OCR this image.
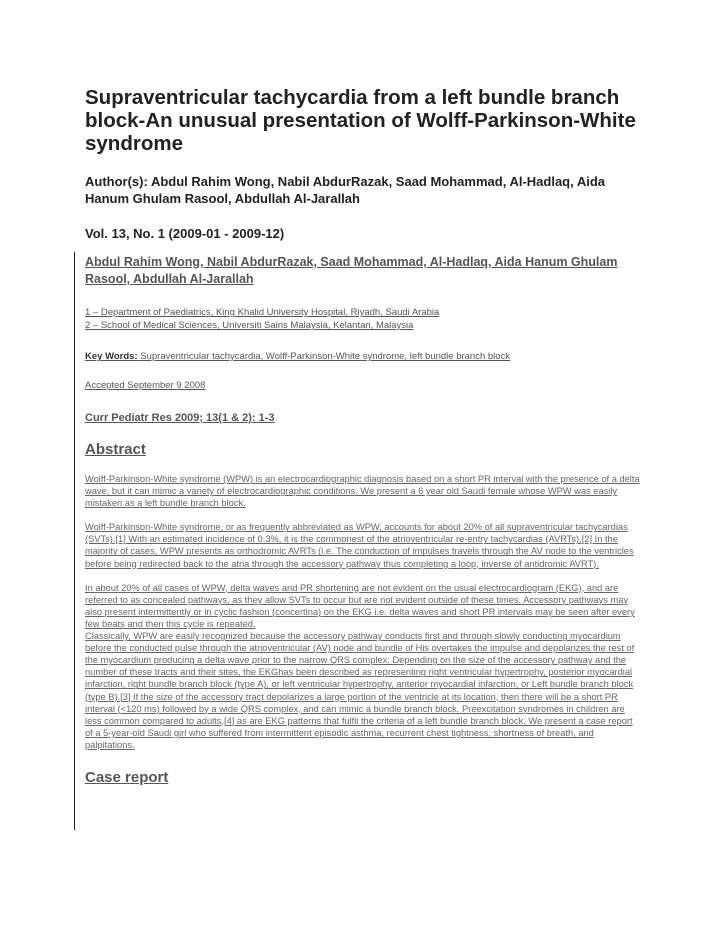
Supraventricular tachycardia from a left bundle branch block-An unusual presentation of Wolff-Parkinson-White syndrome

Author(s): Abdul Rahim Wong, Nabil AbdurRazak, Saad Mohammad, Al-Hadlaq, Aida Hanum Ghulam Rasool, Abdullah Al-Jarallah

Vol. 13, No. 1 (2009-01 - 2009-12)

Abdul Rahim Wong, Nabil AbdurRazak, Saad Mohammad, Al-Hadlaq, Aida Hanum Ghulam Rasool, Abdullah Al-Jarallah

1 – Department of Paediatrics, King Khalid University Hospital, Riyadh, Saudi Arabia
2 – School of Medical Sciences, Universiti Sains Malaysia, Kelantan, Malaysia

Key Words: Supraventricular tachycardia, Wolff-Parkinson-White syndrome, left bundle branch block

Accepted September 9 2008

Curr Pediatr Res 2009; 13(1 & 2): 1-3

Abstract

Wolff-Parkinson-White syndrome (WPW) is an electrocardiographic diagnosis based on a short PR interval with the presence of a delta wave, but it can mimic a variety of electrocardiographic conditions. We present a 6 year old Saudi female whose WPW was easily mistaken as a left bundle branch block.

Wolff-Parkinson-White syndrome, or as frequently abbreviated as WPW, accounts for about 20% of all supraventricular tachycardias (SVTs).[1] With an estimated incidence of 0.3%, it is the commonest of the atrioventricular re-entry tachycardias (AVRTs).[2] In the majority of cases, WPW presents as orthodromic AVRTs (i.e. The conduction of impulses travels through the AV node to the ventricles before being redirected back to the atria through the accessory pathway thus completing a loop, inverse of antidromic AVRT).

In about 20% of all cases of WPW, delta waves and PR shortening are not evident on the usual electrocardiogram (EKG), and are referred to as concealed pathways, as they allow SVTs to occur but are not evident outside of these times. Accessory pathways may also present intermittently or in cyclic fashion (concertina) on the EKG i.e. delta waves and short PR intervals may be seen after every few beats and then this cycle is repeated.

Classically, WPW are easily recognized because the accessory pathway conducts first and through slowly conducting myocardium before the conducted pulse through the atrioventricular (AV) node and bundle of His overtakes the impulse and depolarizes the rest of the myocardium producing a delta wave prior to the narrow QRS complex. Depending on the size of the accessory pathway and the number of these tracts and their sites, the EKGhas been described as representing right ventricular hypertrophy, posterior myocardial infarction, right bundle branch block (type A), or left ventricular hypertrophy, anterior myocardial infarction, or Left bundle branch block (type B).[3] If the size of the accessory tract depolarizes a large portion of the ventricle at its location, then there will be a short PR interval (<120 ms) followed by a wide QRS complex, and can mimic a bundle branch block. Preexcitation syndromes in children are less common compared to adults,[4] as are EKG patterns that fulfil the criteria of a left bundle branch block. We present a case report of a 5-year-old Saudi girl who suffered from intermittent episodic asthma, recurrent chest tightness, shortness of breath, and palpitations.

Case report
